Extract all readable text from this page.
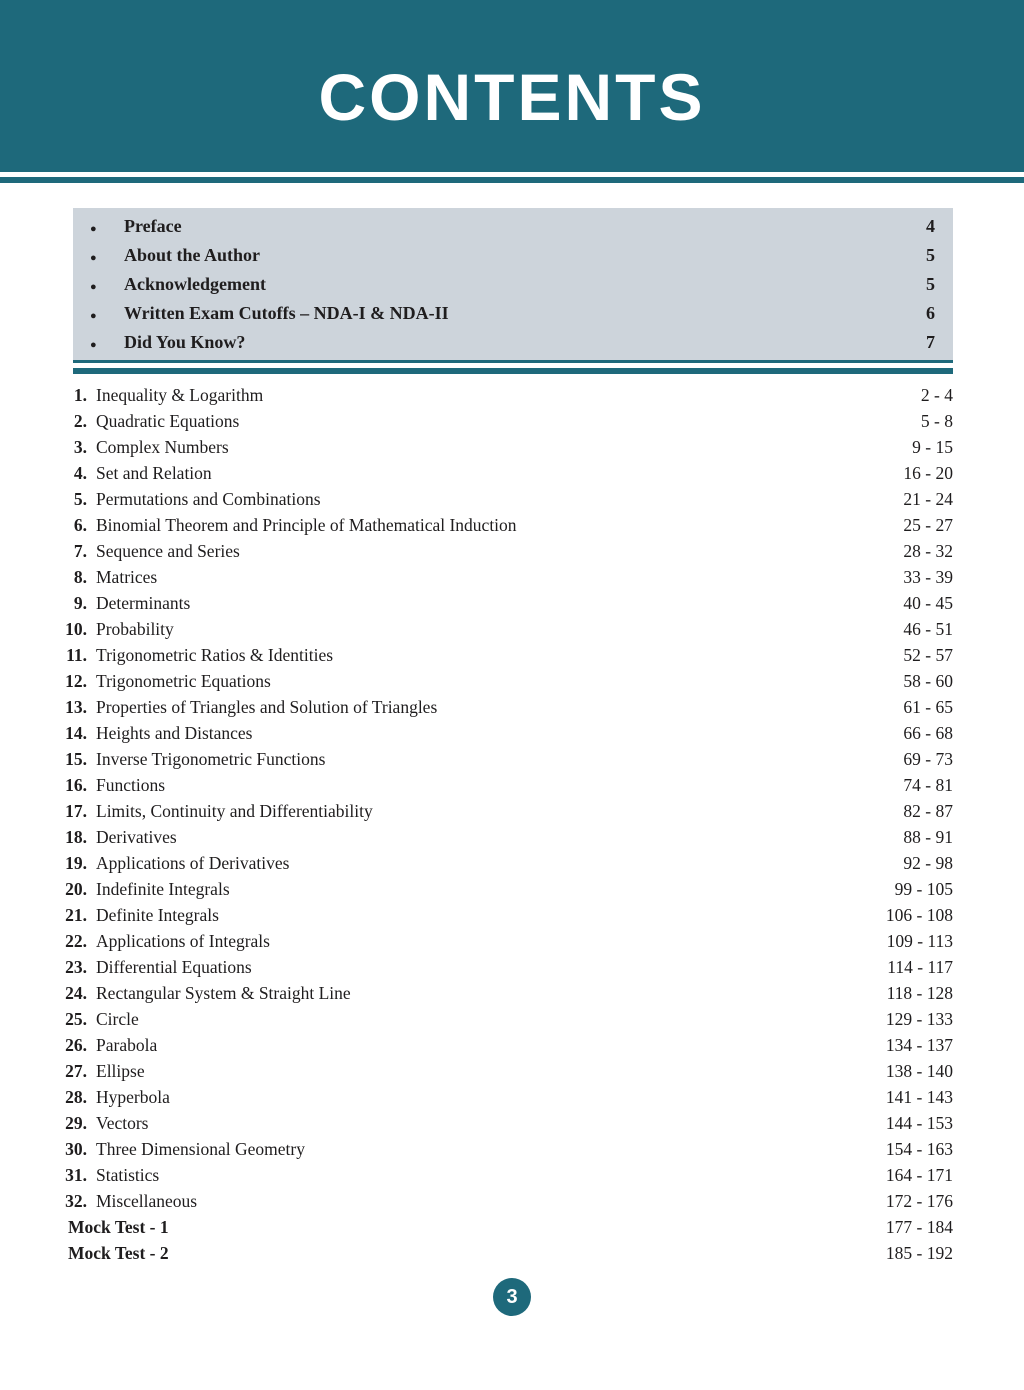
CONTENTS
●	Preface	4
●	About the Author	5
●	Acknowledgement	5
●	Written Exam Cutoffs – NDA-I & NDA-II	6
●	Did You Know?	7
1. Inequality & Logarithm	2 - 4
2. Quadratic Equations	5 - 8
3. Complex Numbers	9 - 15
4. Set and Relation	16 - 20
5. Permutations and Combinations	21 - 24
6. Binomial Theorem and Principle of Mathematical Induction	25 - 27
7. Sequence and Series	28 - 32
8. Matrices	33 - 39
9. Determinants	40 - 45
10. Probability	46 - 51
11. Trigonometric Ratios & Identities	52 - 57
12. Trigonometric Equations	58 - 60
13. Properties of Triangles and Solution of Triangles	61 - 65
14. Heights and Distances	66 - 68
15. Inverse Trigonometric Functions	69 - 73
16. Functions	74 - 81
17. Limits, Continuity and Differentiability	82 - 87
18. Derivatives	88 - 91
19. Applications of Derivatives	92 - 98
20. Indefinite Integrals	99 - 105
21. Definite Integrals	106 - 108
22. Applications of Integrals	109 - 113
23. Differential Equations	114 - 117
24. Rectangular System & Straight Line	118 - 128
25. Circle	129 - 133
26. Parabola	134 - 137
27. Ellipse	138 - 140
28. Hyperbola	141 - 143
29. Vectors	144 - 153
30. Three Dimensional Geometry	154 - 163
31. Statistics	164 - 171
32. Miscellaneous	172 - 176
Mock Test - 1	177 - 184
Mock Test - 2	185 - 192
3
